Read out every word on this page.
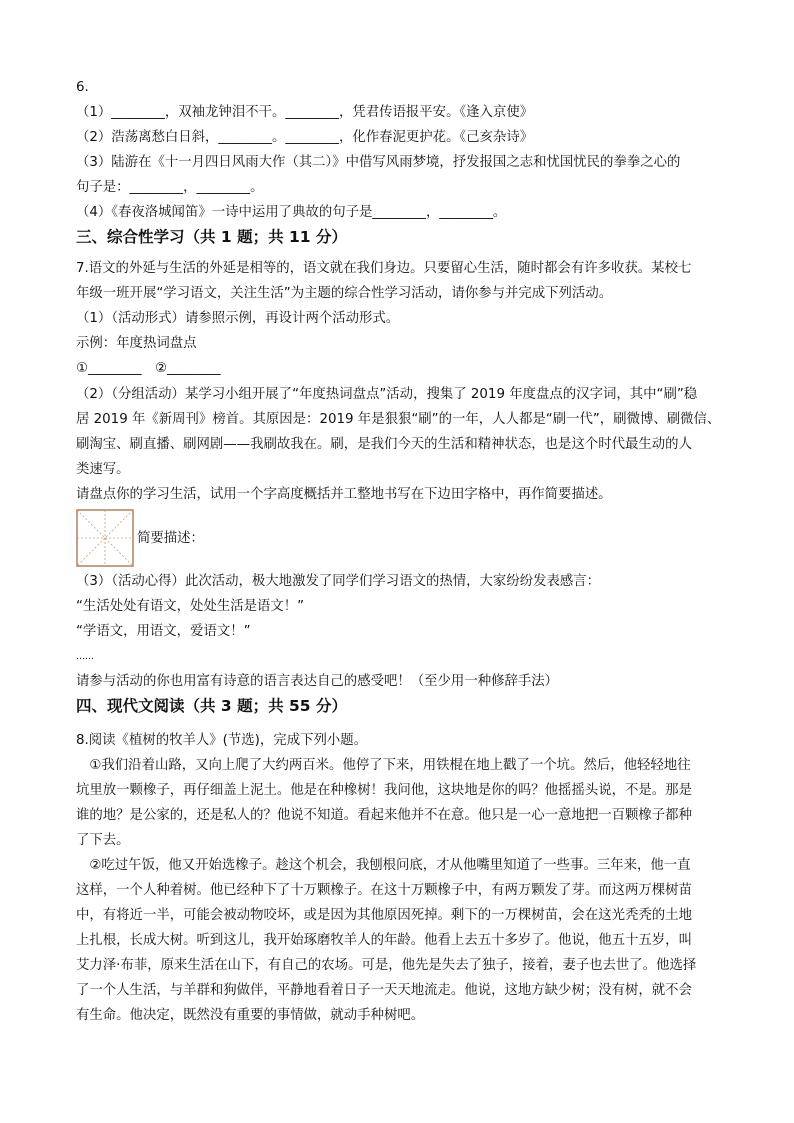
6.
（1）________，双袖龙钟泪不干。________，凭君传语报平安。《逢入京使》
（2）浩荡离愁白日斜，________。________，化作春泥更护花。《己亥杂诗》
（3）陆游在《十一月四日风雨大作（其二）》中借写风雨梦境，抒发报国之志和忧国忧民的拳拳之心的
句子是：________，________。
（4）《春夜洛城闻笛》一诗中运用了典故的句子是________，________。
三、综合性学习（共 1 题；共 11 分）
7.语文的外延与生活的外延是相等的，语文就在我们身边。只要留心生活，随时都会有许多收获。某校七
年级一班开展“学习语文，关注生活”为主题的综合性学习活动，请你参与并完成下列活动。
（1）（活动形式）请参照示例，再设计两个活动形式。
示例：年度热词盘点
①________　②________
（2）（分组活动）某学习小组开展了“年度热词盘点”活动，搜集了 2019 年度盘点的汉字词，其中“刷”稳
居 2019 年《新周刊》榜首。其原因是：2019 年是狠狠“刷”的一年，人人都是“刷一代”，刷微博、刷微信、
刷淘宝、刷直播、刷网剧——我刷故我在。刷，是我们今天的生活和精神状态，也是这个时代最生动的人
类速写。
请盘点你的学习生活，试用一个字高度概括并工整地书写在下边田字格中，再作简要描述。
简要描述：
（3）（活动心得）此次活动，极大地激发了同学们学习语文的热情，大家纷纷发表感言：
“生活处处有语文，处处生活是语文！”
“学语文，用语文，爱语文！”
……
请参与活动的你也用富有诗意的语言表达自己的感受吧！（至少用一种修辞手法）
四、现代文阅读（共 3 题；共 55 分）
8.阅读《植树的牧羊人》(节选)，完成下列小题。
　①我们沿着山路，又向上爬了大约两百米。他停了下来，用铁棍在地上戳了一个坑。然后，他轻轻地往
坑里放一颗橡子，再仔细盖上泥土。他是在种橡树！我问他，这块地是你的吗？他摇摇头说，不是。那是
谁的地？是公家的，还是私人的？他说不知道。看起来他并不在意。他只是一心一意地把一百颗橡子都种
了下去。
　②吃过午饭，他又开始选橡子。趁这个机会，我刨根问底，才从他嘴里知道了一些事。三年来，他一直
这样，一个人种着树。他已经种下了十万颗橡子。在这十万颗橡子中，有两万颗发了芽。而这两万棵树苗
中，有将近一半，可能会被动物咬坏，或是因为其他原因死掉。剩下的一万棵树苗，会在这光秃秃的土地
上扎根，长成大树。听到这儿，我开始琢磨牧羊人的年龄。他看上去五十多岁了。他说，他五十五岁，叫
艾力泽·布菲，原来生活在山下，有自己的农场。可是，他先是失去了独子，接着，妻子也去世了。他选择
了一个人生活，与羊群和狗做伴，平静地看着日子一天天地流走。他说，这地方缺少树；没有树，就不会
有生命。他决定，既然没有重要的事情做，就动手种树吧。
